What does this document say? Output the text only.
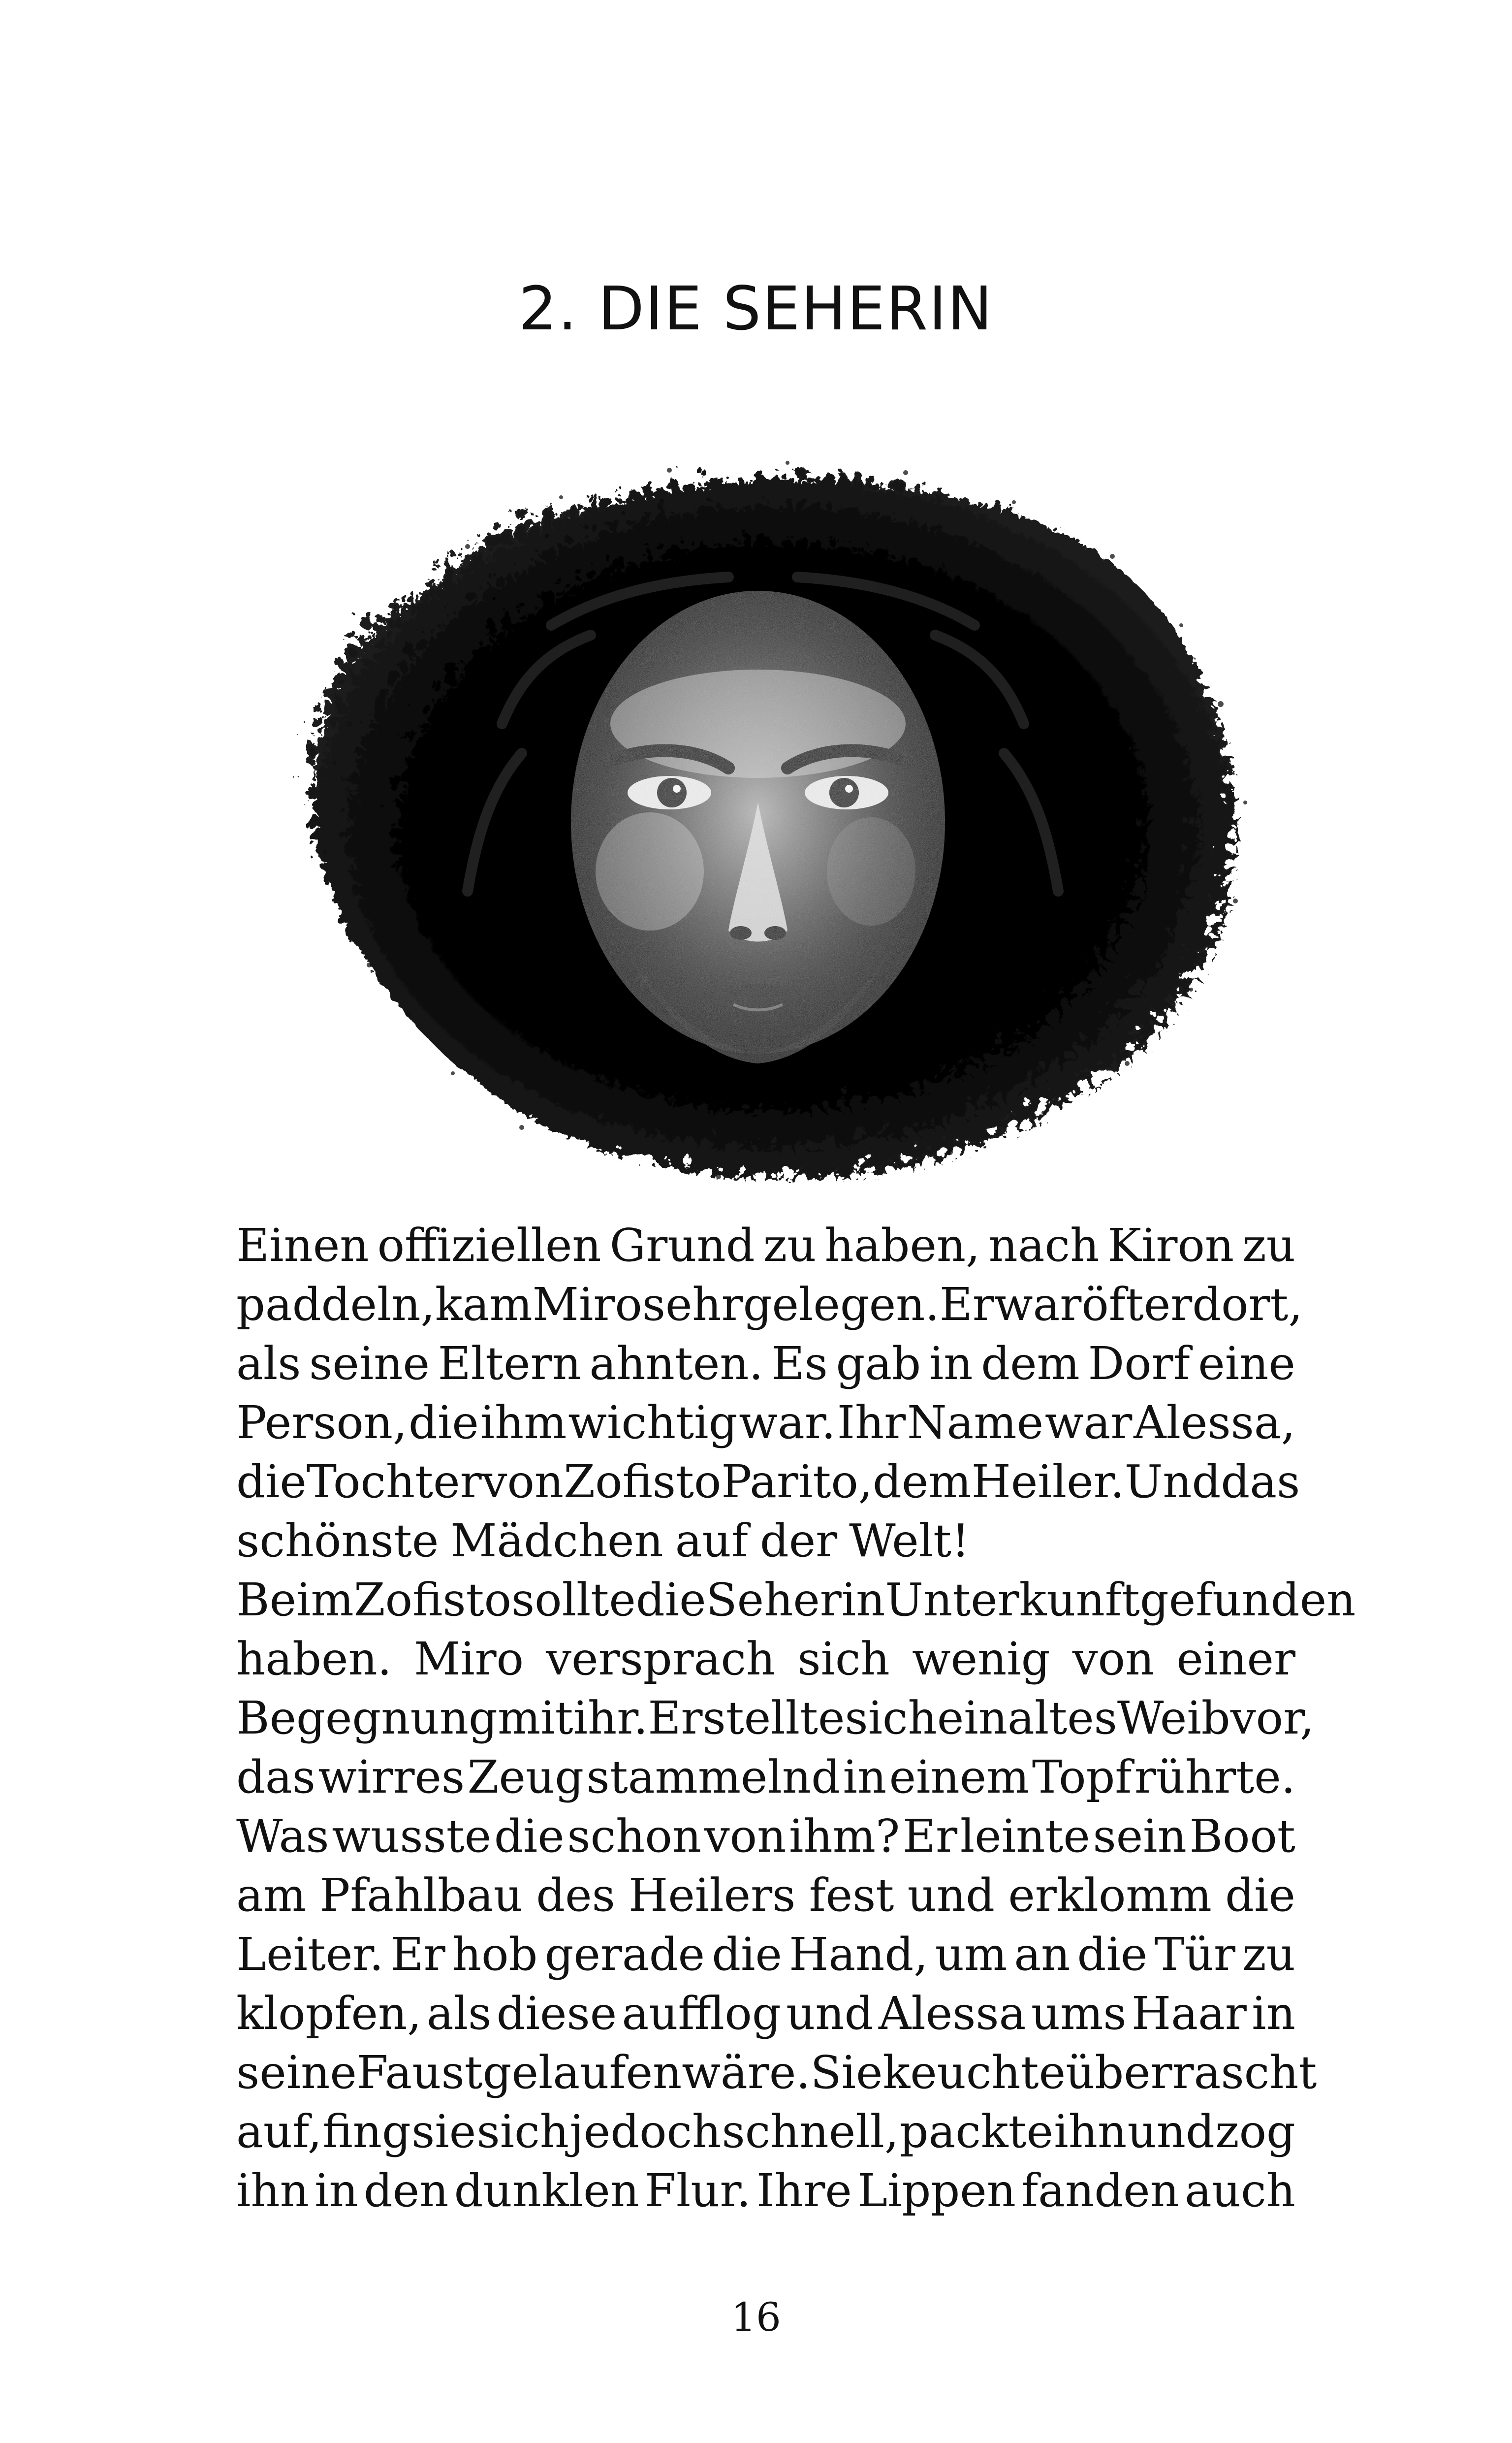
2. DIE SEHERIN
Einen offiziellen Grund zu haben, nach Kiron zu
paddeln, kam Miro sehr gelegen. Er war öfter dort,
als seine Eltern ahnten. Es gab in dem Dorf eine
Person, die ihm wichtig war. Ihr Name war Alessa,
die Tochter von Zofisto Parito, dem Heiler. Und das
schönste Mädchen auf der Welt!
Beim Zofisto sollte die Seherin Unterkunft gefunden
haben. Miro versprach sich wenig von einer
Begegnung mit ihr. Er stellte sich ein altes Weib vor,
das wirres Zeug stammelnd in einem Topf rührte.
Was wusste die schon von ihm? Er leinte sein Boot
am Pfahlbau des Heilers fest und erklomm die
Leiter. Er hob gerade die Hand, um an die Tür zu
klopfen, als diese aufflog und Alessa ums Haar in
seine Faust gelaufen wäre. Sie keuchte überrascht
auf, fing sie sich jedoch schnell, packte ihn und zog
ihn in den dunklen Flur. Ihre Lippen fanden auch

16
